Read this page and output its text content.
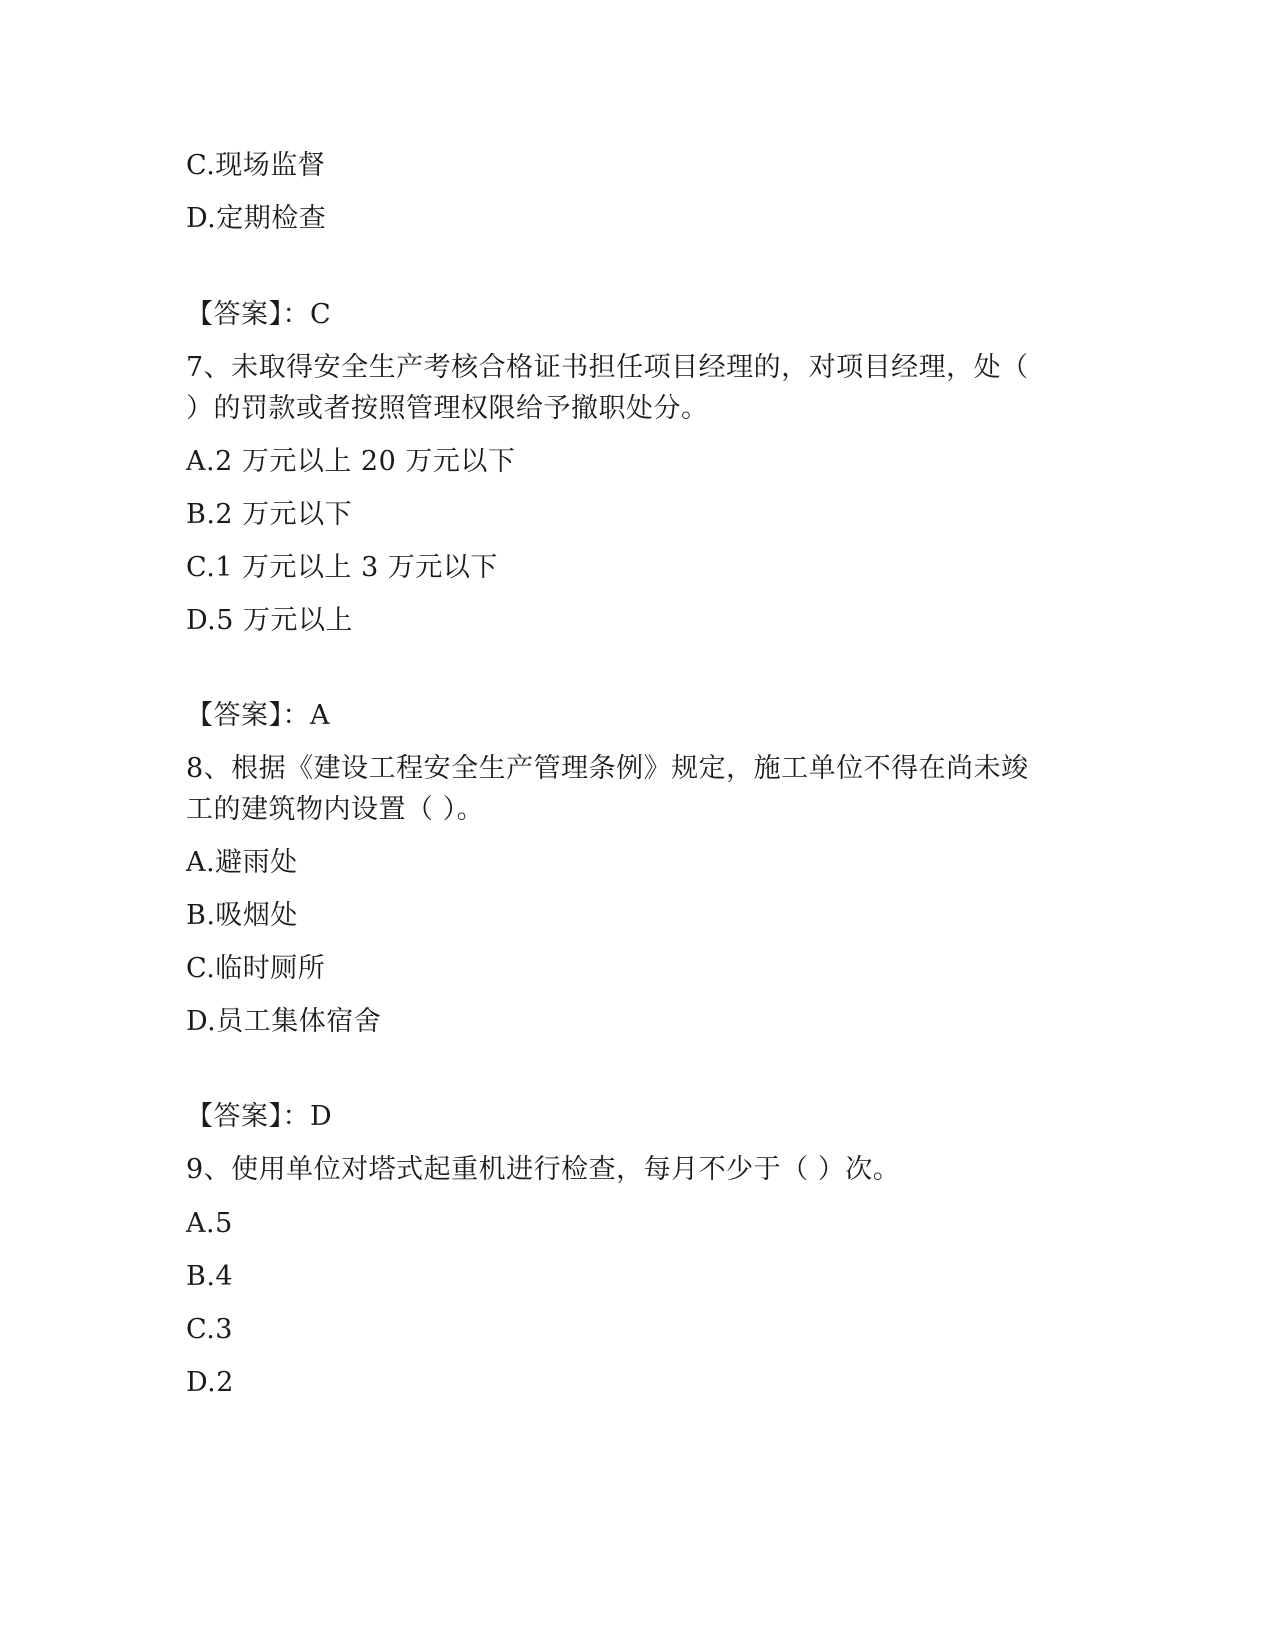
C.现场监督
D.定期检查
【答案】：C
7、未取得安全生产考核合格证书担任项目经理的，对项目经理，处（
）的罚款或者按照管理权限给予撤职处分。
A.2 万元以上 20 万元以下
B.2 万元以下
C.1 万元以上 3 万元以下
D.5 万元以上
【答案】：A
8、根据《建设工程安全生产管理条例》规定，施工单位不得在尚未竣
工的建筑物内设置（ ）。
A.避雨处
B.吸烟处
C.临时厕所
D.员工集体宿舍
【答案】：D
9、使用单位对塔式起重机进行检查，每月不少于（ ）次。
A.5
B.4
C.3
D.2
